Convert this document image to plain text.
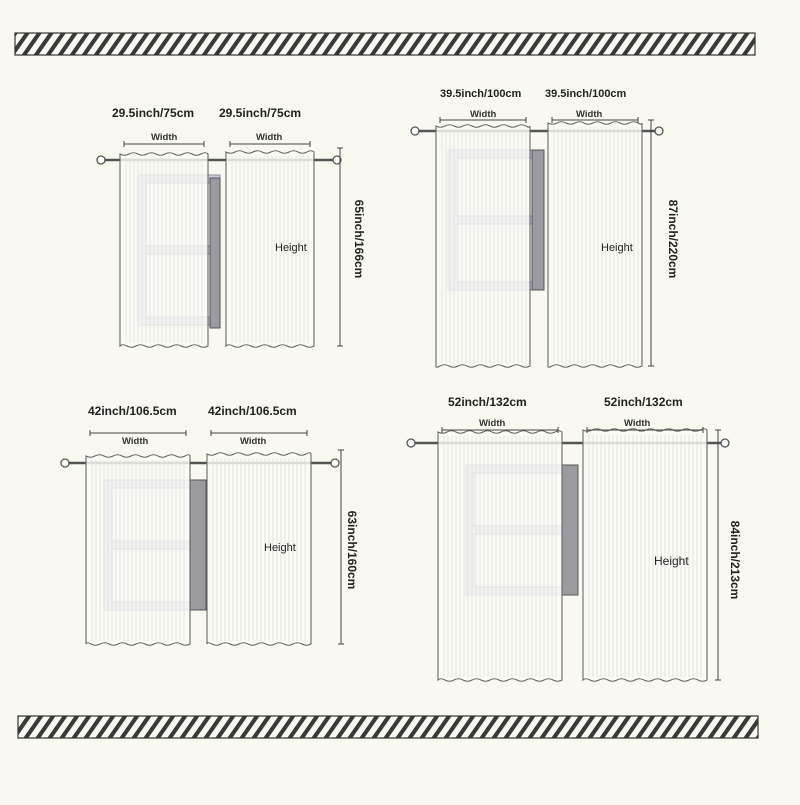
29.5inch/75cm 29.5inch/75cm
Width	Width
Height	65inch/166cm
39.5inch/100cm 39.5inch/100cm
Width	Width
Height	87inch/220cm
42inch/106.5cm	42inch/106.5cm
Width	Width
Height	63inch/160cm
52inch/132cm	52inch/132cm
Width	Width
Height	84inch/213cm
